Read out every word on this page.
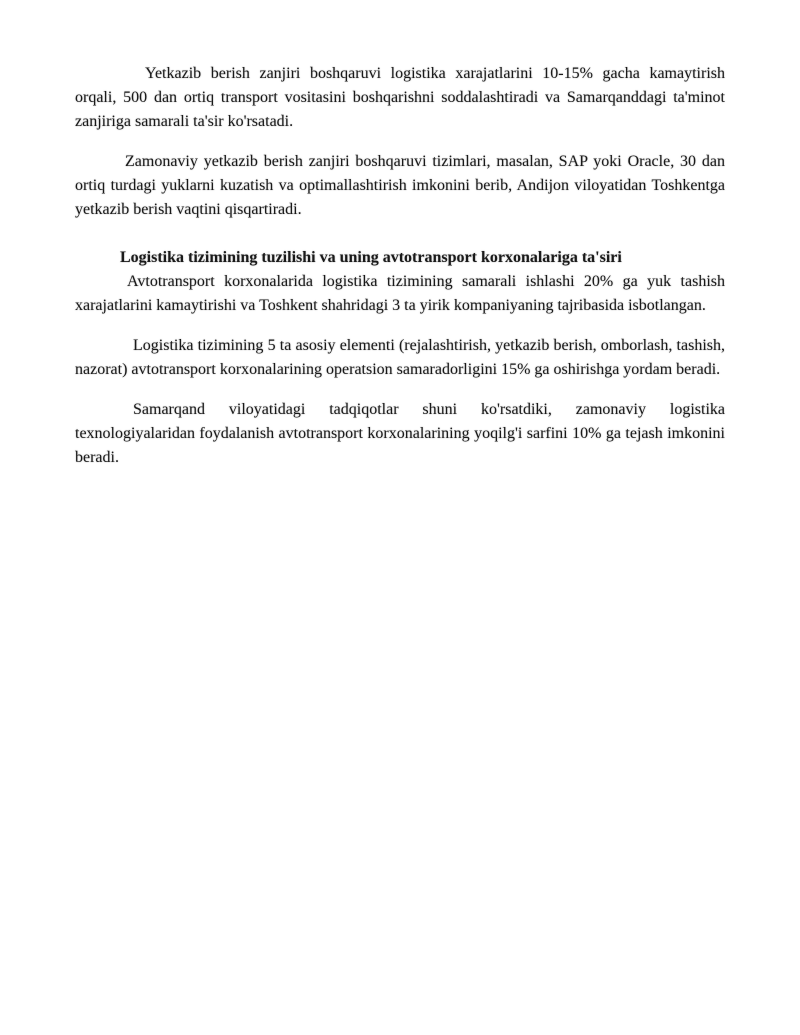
Yetkazib berish zanjiri boshqaruvi logistika xarajatlarini 10-15% gacha kamaytirish orqali, 500 dan ortiq transport vositasini boshqarishni soddalashtiradi va Samarqanddagi ta'minot zanjiriga samarali ta'sir ko'rsatadi.

Zamonaviy yetkazib berish zanjiri boshqaruvi tizimlari, masalan, SAP yoki Oracle, 30 dan ortiq turdagi yuklarni kuzatish va optimallashtirish imkonini berib, Andijon viloyatidan Toshkentga yetkazib berish vaqtini qisqartiradi.

Logistika tizimining tuzilishi va uning avtotransport korxonalariga ta'siri

Avtotransport korxonalarida logistika tizimining samarali ishlashi 20% ga yuk tashish xarajatlarini kamaytirishi va Toshkent shahridagi 3 ta yirik kompaniyaning tajribasida isbotlangan.

Logistika tizimining 5 ta asosiy elementi (rejalashtirish, yetkazib berish, omborlash, tashish, nazorat) avtotransport korxonalarining operatsion samaradorligini 15% ga oshirishga yordam beradi.

Samarqand viloyatidagi tadqiqotlar shuni ko'rsatdiki, zamonaviy logistika texnologiyalaridan foydalanish avtotransport korxonalarining yoqilg'i sarfini 10% ga tejash imkonini beradi.
